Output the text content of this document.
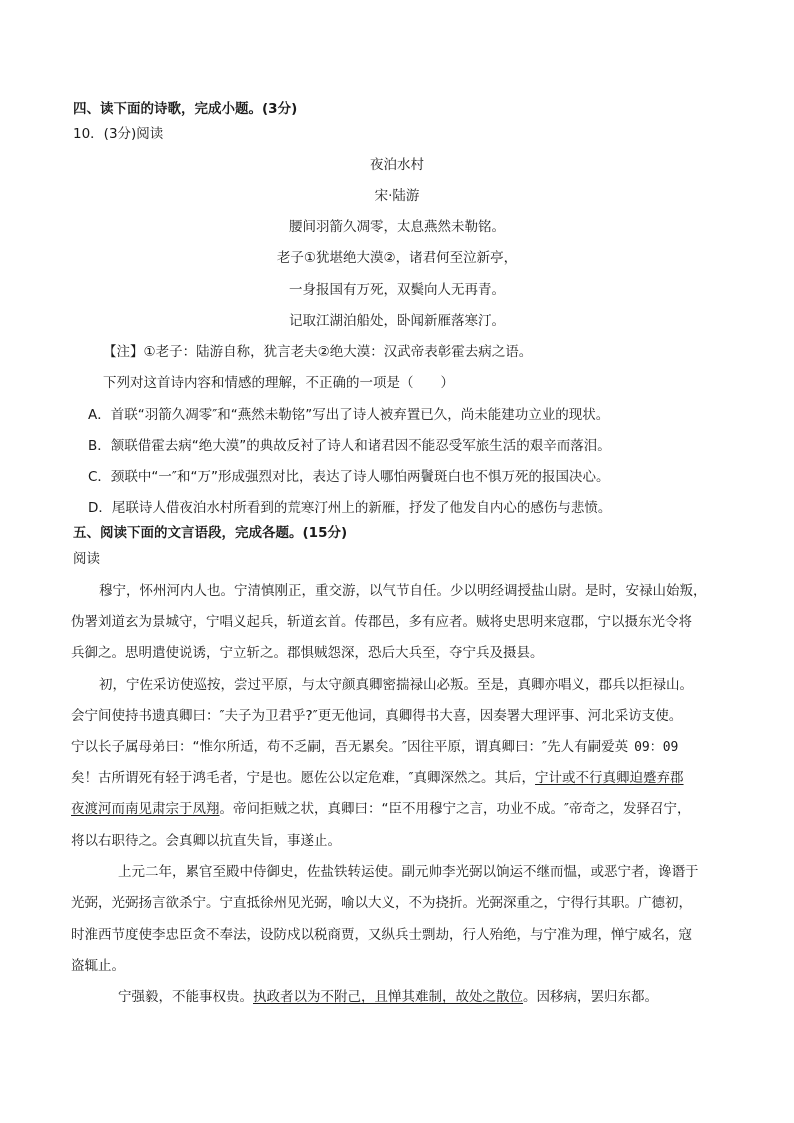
四、读下面的诗歌，完成小题。(3分)
10．(3分)阅读
夜泊水村
宋·陆游
腰间羽箭久凋零，太息燕然未勒铭。
老子①犹堪绝大漠②，诸君何至泣新亭，
一身报国有万死，双鬓向人无再青。
记取江湖泊船处，卧闻新雁落寒汀。
【注】①老子：陆游自称，犹言老夫②绝大漠：汉武帝表彰霍去病之语。
下列对这首诗内容和情感的理解，不正确的一项是（　　）
A．首联“羽箭久凋零″和“燕然未勒铭”写出了诗人被弃置已久，尚未能建功立业的现状。
B．颔联借霍去病“绝大漠”的典故反衬了诗人和诸君因不能忍受军旅生活的艰辛而落泪。
C．颈联中“一″和“万”形成强烈对比，表达了诗人哪怕两鬢斑白也不惧万死的报国决心。
D．尾联诗人借夜泊水村所看到的荒寒汀州上的新雁，抒发了他发自内心的感伤与悲愤。
五、阅读下面的文言语段，完成各题。(15分)
阅读
穆宁，怀州河内人也。宁清慎刚正，重交游，以气节自任。少以明经调授盐山尉。是时，安禄山始叛，
伪署刘道玄为景城守，宁唱义起兵，斩道玄首。传郡邑，多有应者。贼将史思明来寇郡，宁以摄东光令将
兵御之。思明遣使说诱，宁立斩之。郡惧贼怨深，恐后大兵至，夺宁兵及摄县。
初，宁佐采访使巡按，尝过平原，与太守颜真卿密揣禄山必叛。至是，真卿亦唱义，郡兵以拒禄山。
会宁间使持书遗真卿曰：″夫子为卫君乎?″更无他词，真卿得书大喜，因奏署大理评事、河北采访支使。
宁以长子属母弟曰：“惟尔所适，苟不乏嗣，吾无累矣。″因往平原，谓真卿曰：″先人有嗣爱英 09：09
矣！古所谓死有轻于鸿毛者，宁是也。愿佐公以定危难，″真卿深然之。其后，宁计或不行真卿迫蹙弃郡
夜渡河而南见肃宗于凤翔。帝问拒贼之状，真卿曰：“臣不用穆宁之言，功业不成。″帝奇之，发驿召宁，
将以右职待之。会真卿以抗直失旨，事遂止。
上元二年，累官至殿中侍御史，佐盐铁转运使。副元帅李光弼以饷运不继而愠，或恶宁者，谗谮于
光弼，光弼扬言欲杀宁。宁直抵徐州见光弼，喻以大义，不为挠折。光弼深重之，宁得行其职。广德初，
时淮西节度使李忠臣贪不奉法，设防戍以税商贾，又纵兵士剽劫，行人殆绝，与宁准为理，惮宁威名，寇
盗辄止。
宁强毅，不能事权贵。执政者以为不附己，且惮其难制，故处之散位。因移病，罢归东都。
